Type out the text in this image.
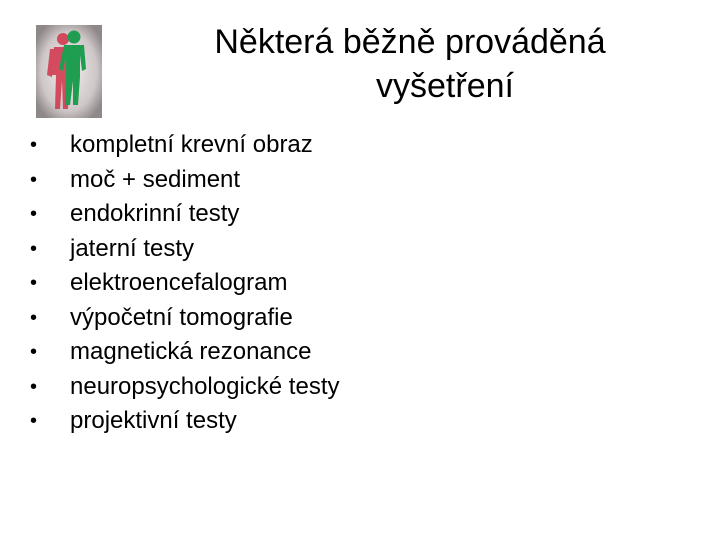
Některá běžně prováděná
vyšetření
•	kompletní krevní obraz
•	moč + sediment
•	endokrinní testy
•	jaterní testy
•	elektroencefalogram
•	výpočetní tomografie
•	magnetická rezonance
•	neuropsychologické testy
•	projektivní testy
